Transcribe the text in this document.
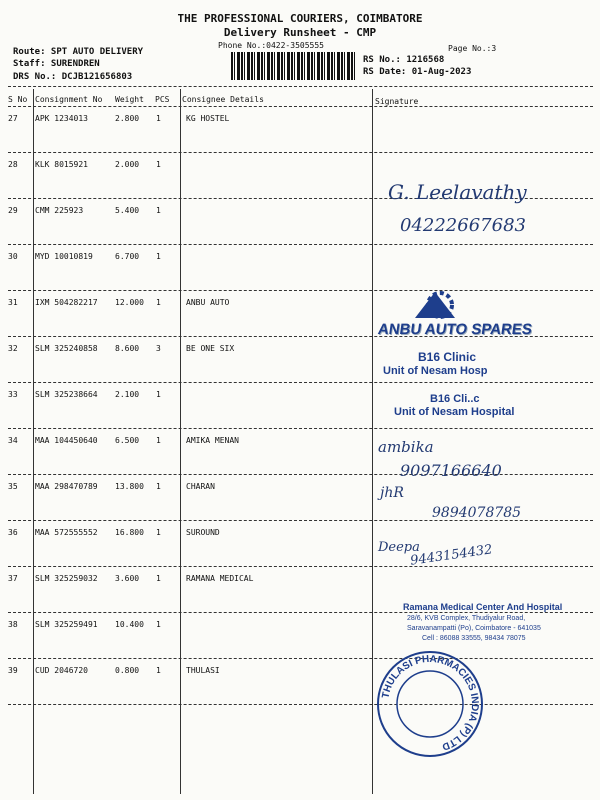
THE PROFESSIONAL COURIERS, COIMBATORE
Delivery Runsheet - CMP
Phone No.:0422-3505555	Page No.:3
Route: SPT AUTO DELIVERY
Staff: SURENDREN
DRS No.: DCJB121656803
RS No.: 1216568
RS Date: 01-Aug-2023
S No Consignment No Weight PCS Consignee Details	Signature
27 APK 1234013	2.800 1	KG HOSTEL
28 KLK 8015921	2.000 1
29 CMM 225923	5.400 1
30 MYD 10010819	6.700 1
31 IXM 504282217 12.000 1	ANBU AUTO
32 SLM 325240858 8.600 3	BE ONE SIX
33 SLM 325238664 2.100 1
34 MAA 104450640 6.500 1	AMIKA MENAN
35 MAA 298470789 13.800 1	CHARAN
36 MAA 572555552 16.800 1	SUROUND
37 SLM 325259032 3.600 1	RAMANA MEDICAL
38 SLM 325259491 10.400 1
39 CUD 2046720	0.800 1	THULASI
G. Leelavathy
04222667683
ANBU AUTO SPARES
B16 Clinic
Unit of Nesam Hosp
B16 Cli..c
Unit of Nesam Hospital
ambika
9097166640
jhR
9894078785
Deepa
9443154432
Ramana Medical Center And Hospital
28/6, KVB Complex, Thudiyalur Road,
Saravanampatti (Po), Coimbatore - 641035
Cell : 86088 33555, 98434 78075
THULASI PHARMACIES INDIA (P) LTD
